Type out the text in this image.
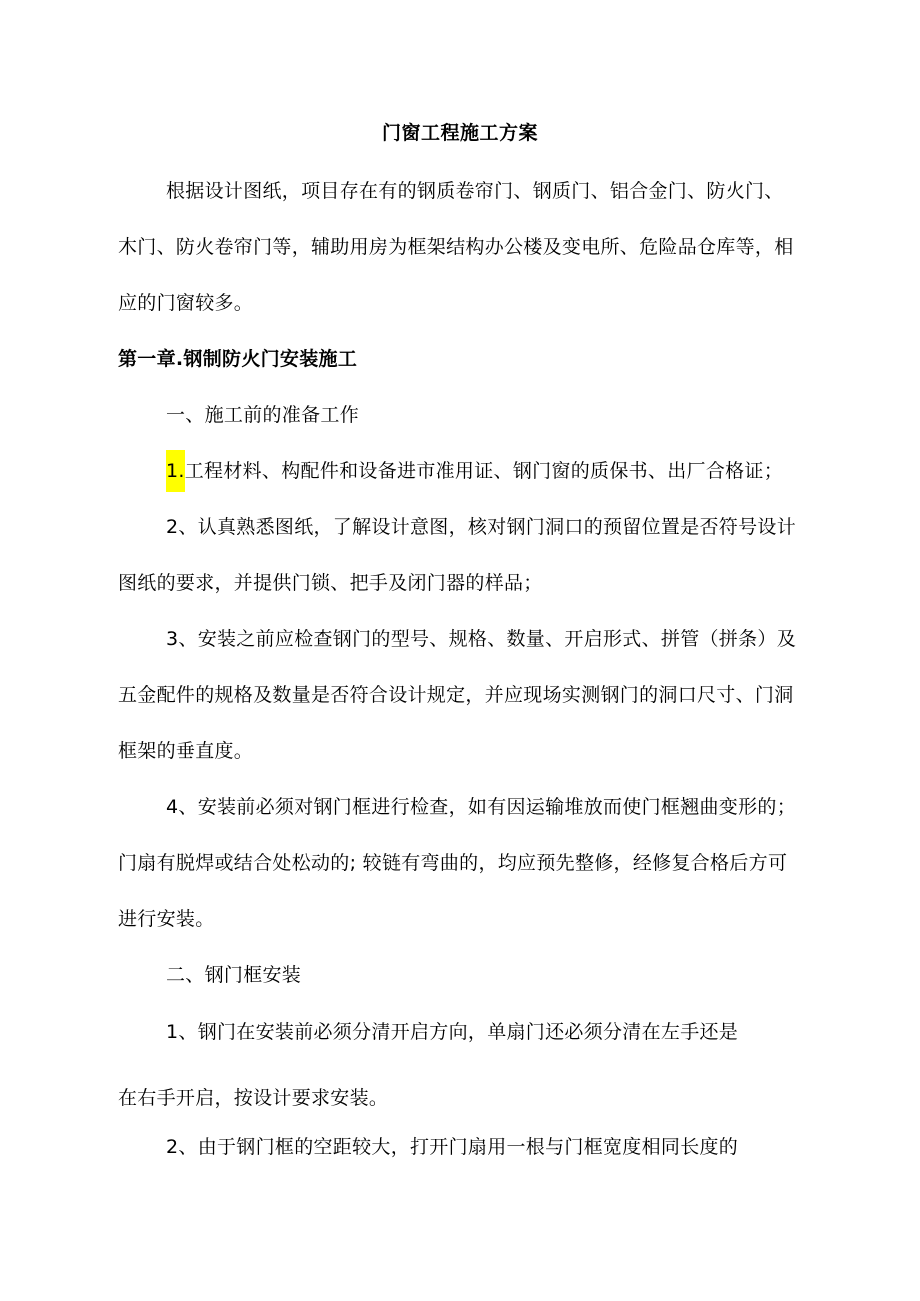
门窗工程施工方案
根据设计图纸，项目存在有的钢质卷帘门、钢质门、铝合金门、防火门、
木门、防火卷帘门等，辅助用房为框架结构办公楼及变电所、危险品仓库等，相
应的门窗较多。
第一章.钢制防火门安装施工
一、施工前的准备工作
1.工程材料、构配件和设备进市准用证、钢门窗的质保书、出厂合格证；
2、认真熟悉图纸，了解设计意图，核对钢门洞口的预留位置是否符号设计
图纸的要求，并提供门锁、把手及闭门器的样品；
3、安装之前应检查钢门的型号、规格、数量、开启形式、拼管（拼条）及
五金配件的规格及数量是否符合设计规定，并应现场实测钢门的洞口尺寸、门洞
框架的垂直度。
4、安装前必须对钢门框进行检查，如有因运输堆放而使门框翘曲变形的；
门扇有脱焊或结合处松动的; 较链有弯曲的，均应预先整修，经修复合格后方可
进行安装。
二、钢门框安装
1、钢门在安装前必须分清开启方向，单扇门还必须分清在左手还是
在右手开启，按设计要求安装。
2、由于钢门框的空距较大，打开门扇用一根与门框宽度相同长度的
